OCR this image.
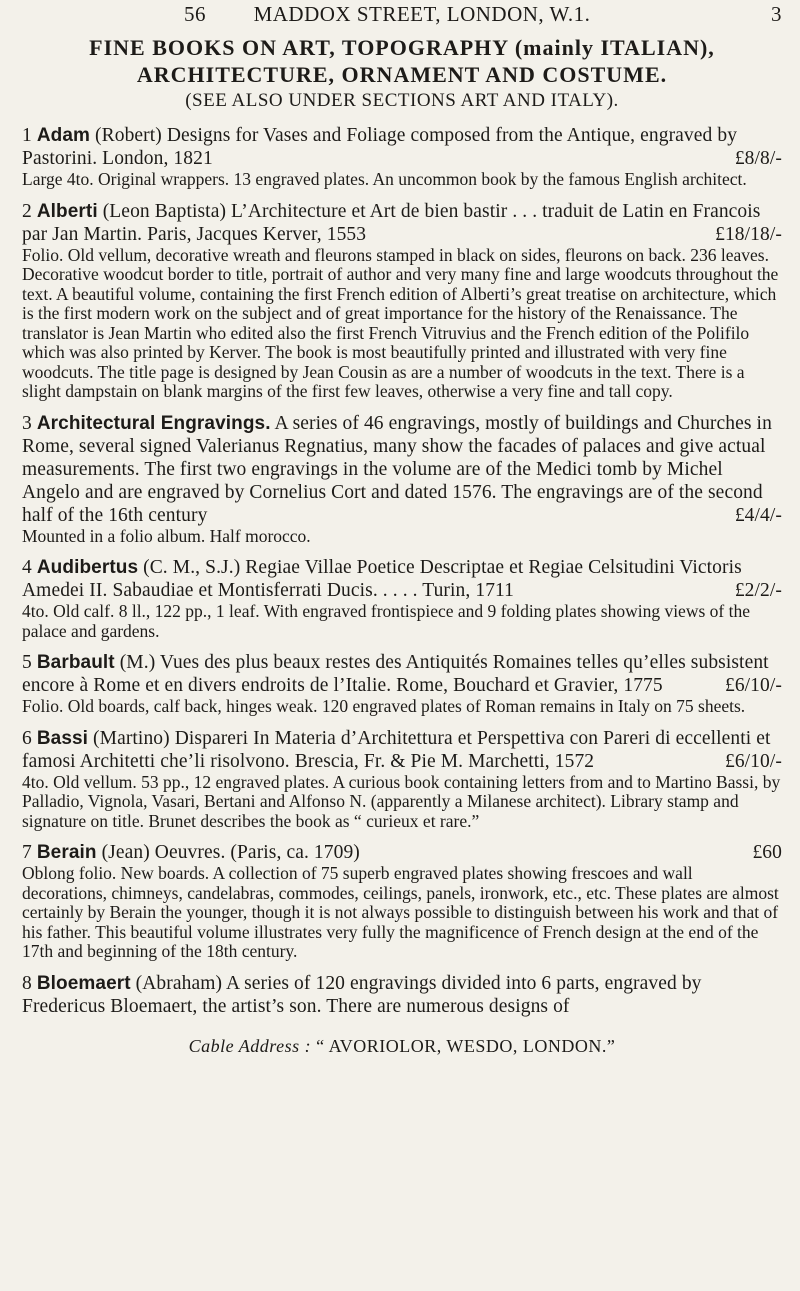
56 MADDOX STREET, LONDON, W.1.	3
FINE BOOKS ON ART, TOPOGRAPHY (mainly ITALIAN), ARCHITECTURE, ORNAMENT AND COSTUME.
(SEE ALSO UNDER SECTIONS ART AND ITALY).
1 Adam (Robert) Designs for Vases and Foliage composed from the Antique, engraved by Pastorini. London, 1821	£8/8/-
Large 4to. Original wrappers. 13 engraved plates. An uncommon book by the famous English architect.
2 Alberti (Leon Baptista) L’Architecture et Art de bien bastir . . . traduit de Latin en Francois par Jan Martin. Paris, Jacques Kerver, 1553	£18/18/-
Folio. Old vellum, decorative wreath and fleurons stamped in black on sides, fleurons on back. 236 leaves. Decorative woodcut border to title, portrait of author and very many fine and large woodcuts throughout the text. A beautiful volume, containing the first French edition of Alberti’s great treatise on architecture, which is the first modern work on the subject and of great importance for the history of the Renaissance. The translator is Jean Martin who edited also the first French Vitruvius and the French edition of the Polifilo which was also printed by Kerver. The book is most beautifully printed and illustrated with very fine woodcuts. The title page is designed by Jean Cousin as are a number of woodcuts in the text. There is a slight dampstain on blank margins of the first few leaves, otherwise a very fine and tall copy.
3 Architectural Engravings. A series of 46 engravings, mostly of buildings and Churches in Rome, several signed Valerianus Regnatius, many show the facades of palaces and give actual measurements. The first two engravings in the volume are of the Medici tomb by Michel Angelo and are engraved by Cornelius Cort and dated 1576. The engravings are of the second half of the 16th century	£4/4/-
Mounted in a folio album. Half morocco.
4 Audibertus (C. M., S.J.) Regiae Villae Poetice Descriptae et Regiae Celsitudini Victoris Amedei II. Sabaudiae et Montisferrati Ducis. . . . . Turin, 1711	£2/2/-
4to. Old calf. 8 ll., 122 pp., 1 leaf. With engraved frontispiece and 9 folding plates showing views of the palace and gardens.
5 Barbault (M.) Vues des plus beaux restes des Antiquités Romaines telles qu’elles subsistent encore à Rome et en divers endroits de l’Italie. Rome, Bouchard et Gravier, 1775	£6/10/-
Folio. Old boards, calf back, hinges weak. 120 engraved plates of Roman remains in Italy on 75 sheets.
6 Bassi (Martino) Dispareri In Materia d’Architettura et Perspettiva con Pareri di eccellenti et famosi Architetti che’li risolvono. Brescia, Fr. & Pie M. Marchetti, 1572	£6/10/-
4to. Old vellum. 53 pp., 12 engraved plates. A curious book containing letters from and to Martino Bassi, by Palladio, Vignola, Vasari, Bertani and Alfonso N. (apparently a Milanese architect). Library stamp and signature on title. Brunet describes the book as “ curieux et rare.”
7 Berain (Jean) Oeuvres. (Paris, ca. 1709)	£60
Oblong folio. New boards. A collection of 75 superb engraved plates showing frescoes and wall decorations, chimneys, candelabras, commodes, ceilings, panels, ironwork, etc., etc. These plates are almost certainly by Berain the younger, though it is not always possible to distinguish between his work and that of his father. This beautiful volume illustrates very fully the magnificence of French design at the end of the 17th and beginning of the 18th century.
8 Bloemaert (Abraham) A series of 120 engravings divided into 6 parts, engraved by Fredericus Bloemaert, the artist’s son. There are numerous designs of
Cable Address : “ AVORIOLOR, WESDO, LONDON.”
